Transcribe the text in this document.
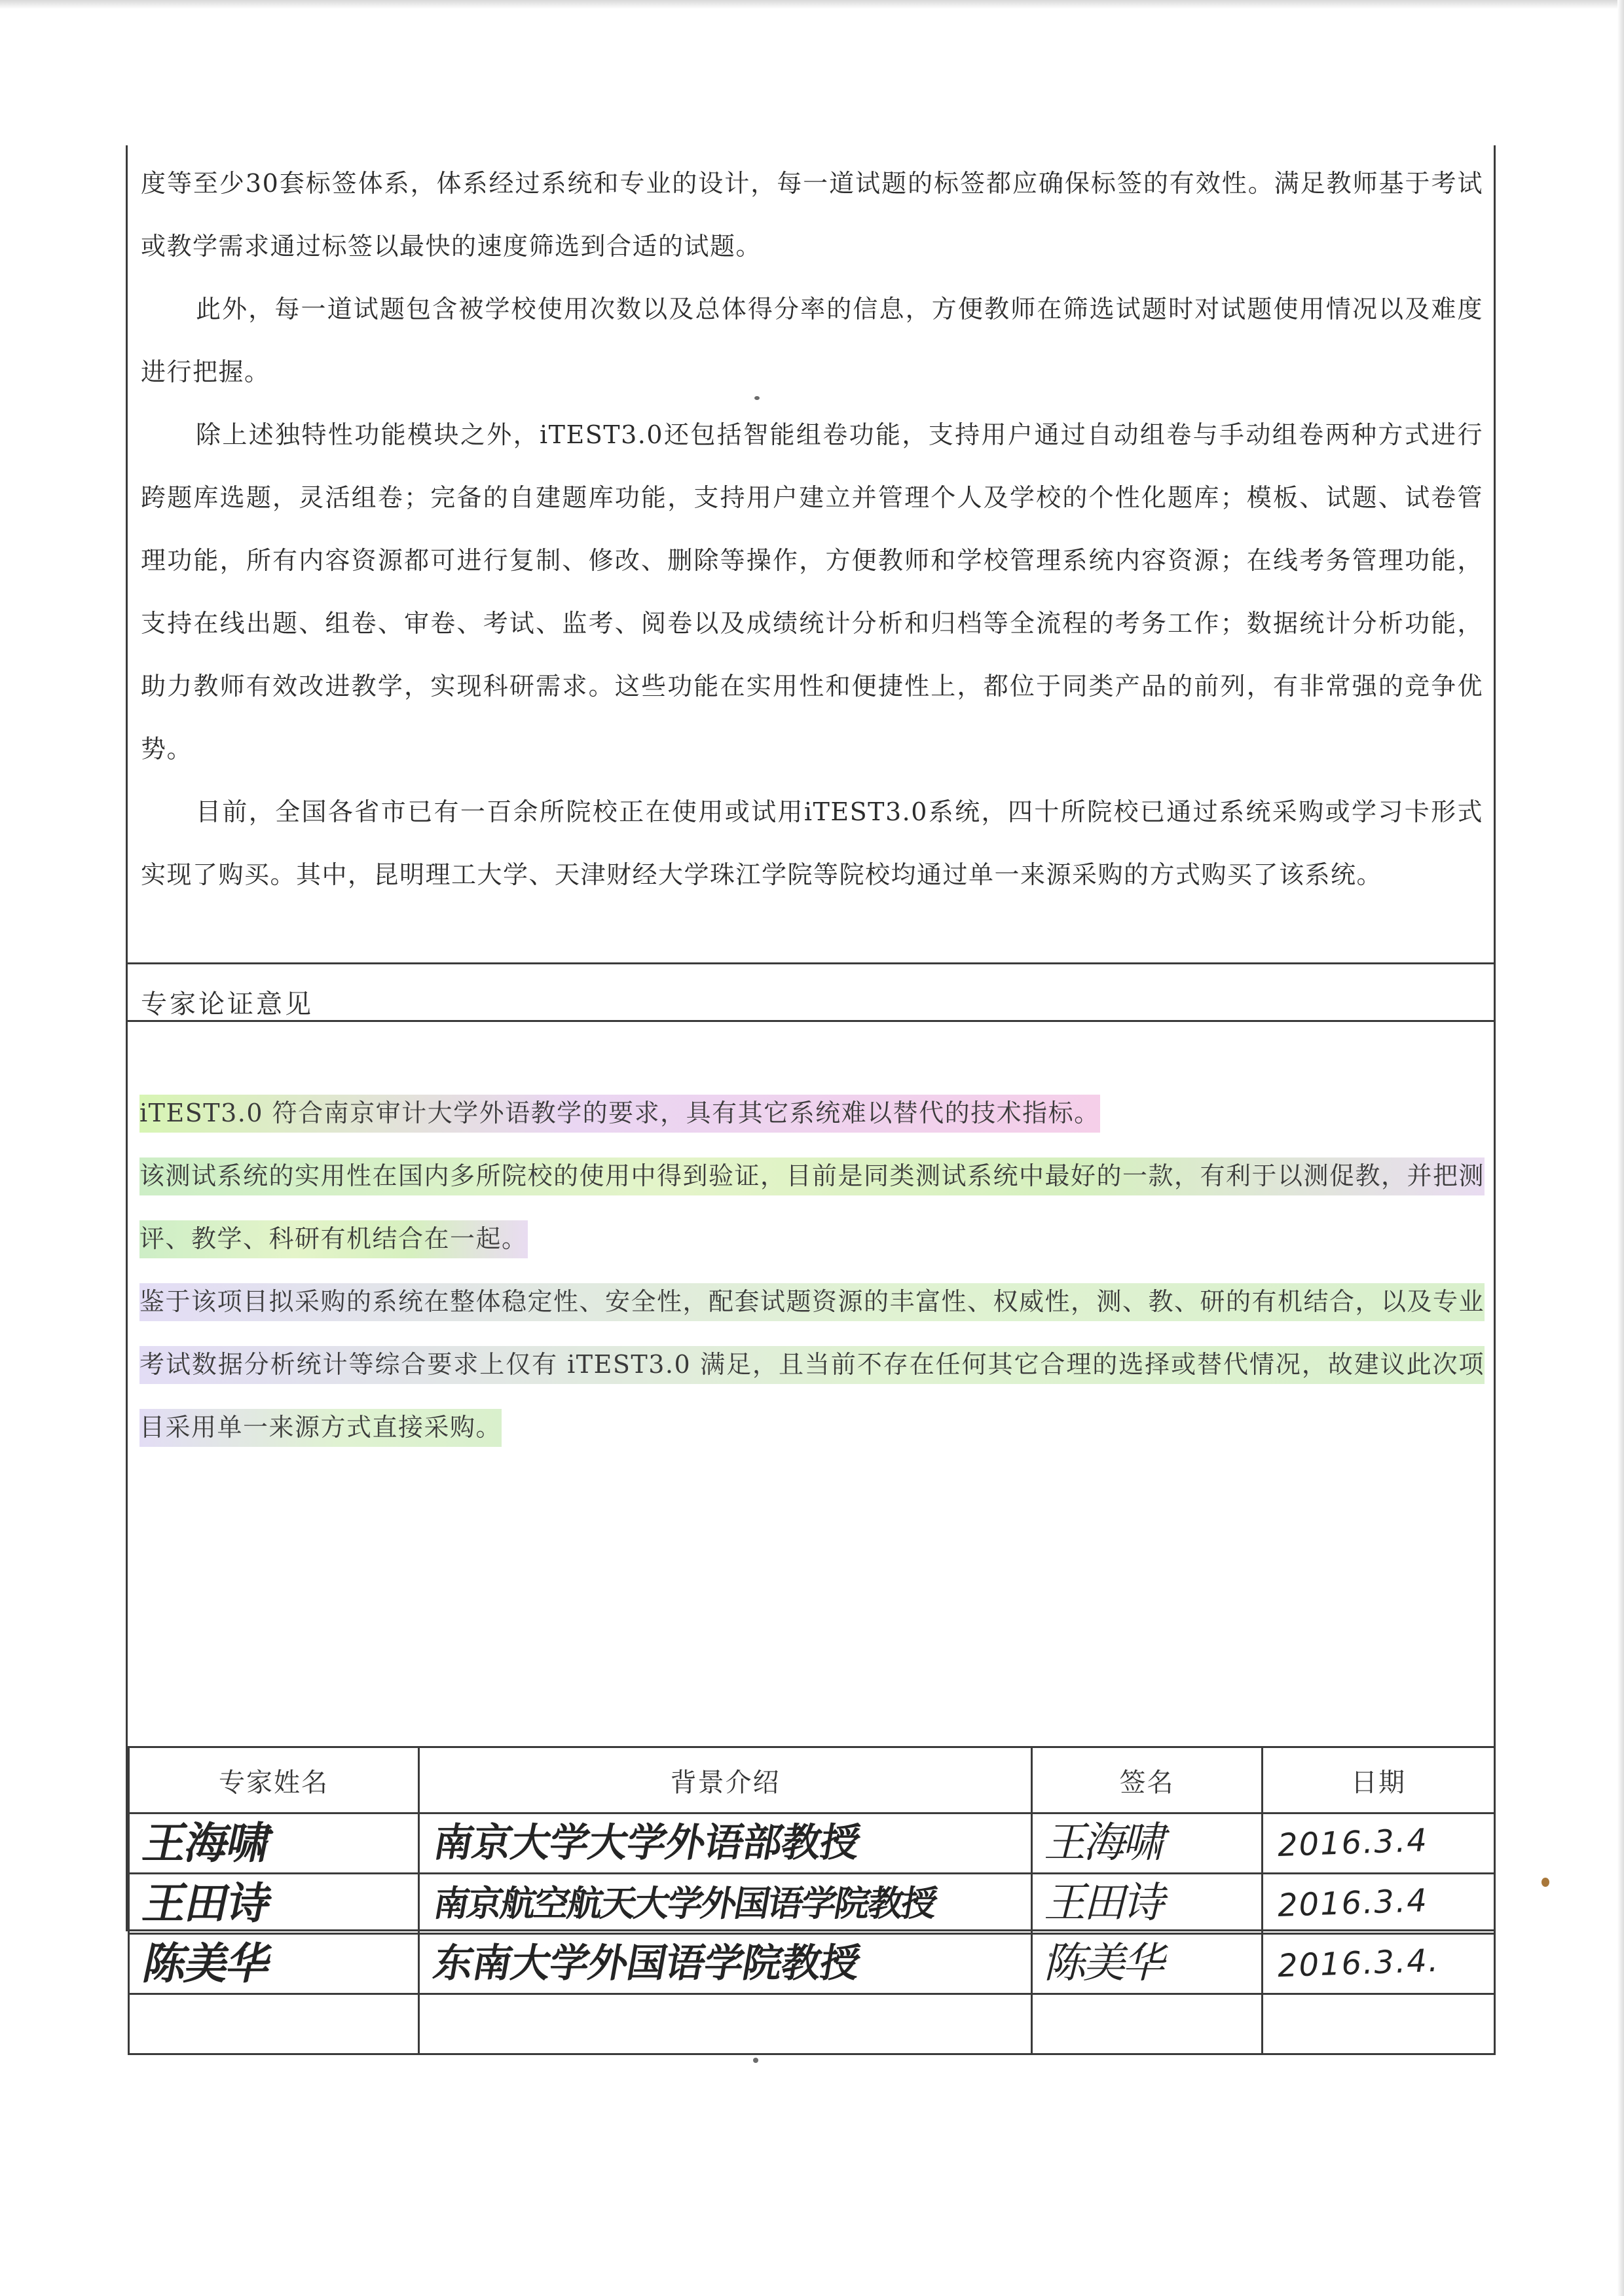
度等至少30套标签体系，体系经过系统和专业的设计，每一道试题的标签都应确保标签的有效性。满足教师基于考试或教学需求通过标签以最快的速度筛选到合适的试题。

此外，每一道试题包含被学校使用次数以及总体得分率的信息，方便教师在筛选试题时对试题使用情况以及难度进行把握。

除上述独特性功能模块之外，iTEST3.0还包括智能组卷功能，支持用户通过自动组卷与手动组卷两种方式进行跨题库选题，灵活组卷；完备的自建题库功能，支持用户建立并管理个人及学校的个性化题库；模板、试题、试卷管理功能，所有内容资源都可进行复制、修改、删除等操作，方便教师和学校管理系统内容资源；在线考务管理功能，支持在线出题、组卷、审卷、考试、监考、阅卷以及成绩统计分析和归档等全流程的考务工作；数据统计分析功能，助力教师有效改进教学，实现科研需求。这些功能在实用性和便捷性上，都位于同类产品的前列，有非常强的竞争优势。

目前，全国各省市已有一百余所院校正在使用或试用iTEST3.0系统，四十所院校已通过系统采购或学习卡形式实现了购买。其中，昆明理工大学、天津财经大学珠江学院等院校均通过单一来源采购的方式购买了该系统。

专家论证意见

iTEST3.0 符合南京审计大学外语教学的要求，具有其它系统难以替代的技术指标。

该测试系统的实用性在国内多所院校的使用中得到验证，目前是同类测试系统中最好的一款，有利于以测促教，并把测评、教学、科研有机结合在一起。

鉴于该项目拟采购的系统在整体稳定性、安全性，配套试题资源的丰富性、权威性，测、教、研的有机结合，以及专业考试数据分析统计等综合要求上仅有 iTEST3.0 满足，且当前不存在任何其它合理的选择或替代情况，故建议此次项目采用单一来源方式直接采购。

专家姓名	背景介绍	签名	日期

王海啸	南京大学大学外语部教授	王海啸	2016.3.4

王田诗	南京航空航天大学外国语学院教授	王田诗	2016.3.4

陈美华	东南大学外国语学院教授	陈美华	2016.3.4.
